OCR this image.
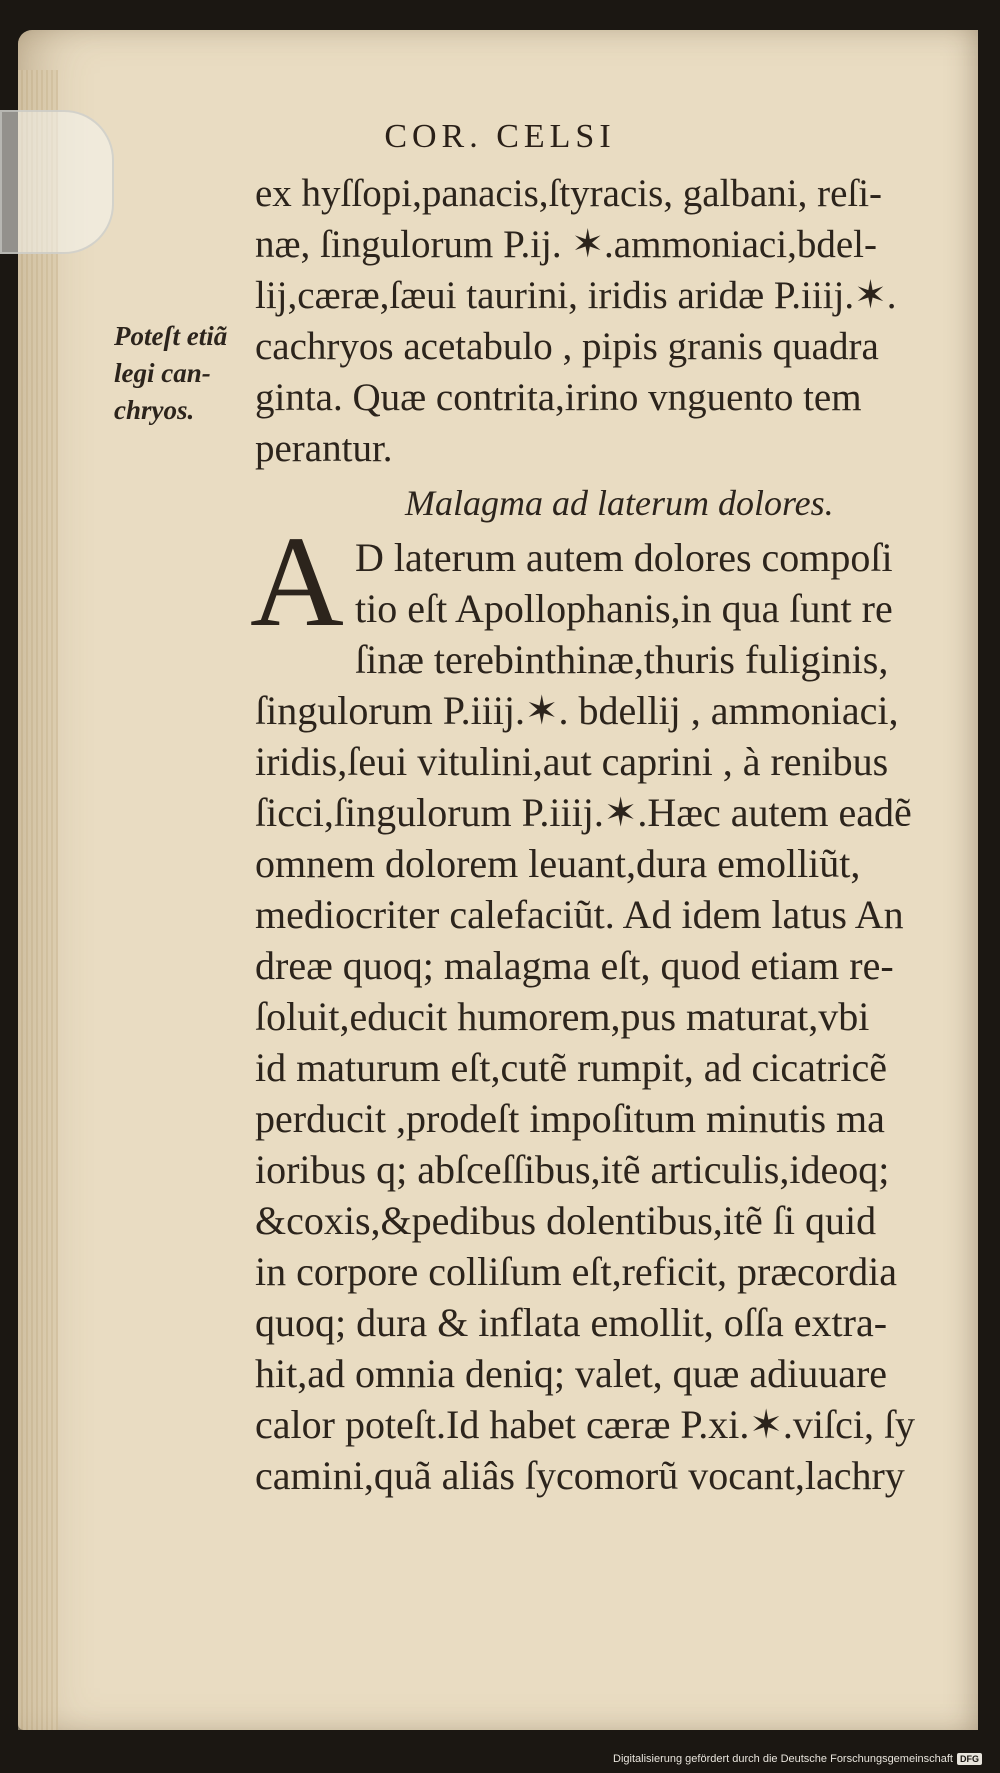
COR. CELSI
Poteſt etiã
legi can-
chryos.
ex hyſſopi,panacis,ſtyracis, galbani, reſi-
næ, ſingulorum P.ij. ✶.ammoniaci,bdel-
lij,cæræ,ſæui taurini, iridis aridæ P.iiij.✶.
cachryos acetabulo , pipis granis quadra
ginta. Quæ contrita,irino vnguento tem
perantur.
Malagma ad laterum dolores.
A D laterum autem dolores compoſi
tio eſt Apollophanis,in qua ſunt re
ſinæ terebinthinæ,thuris fuliginis,
ſingulorum P.iiij.✶. bdellij , ammoniaci,
iridis,ſeui vitulini,aut caprini , à renibus
ſicci,ſingulorum P.iiij.✶.Hæc autem eadẽ
omnem dolorem leuant,dura emolliũt,
mediocriter calefaciũt. Ad idem latus An
dreæ quoq; malagma eſt, quod etiam re-
ſoluit,educit humorem,pus maturat,vbi
id maturum eſt,cutẽ rumpit, ad cicatricẽ
perducit ,prodeſt impoſitum minutis ma
ioribus q; abſceſſibus,itẽ articulis,ideoq;
&coxis,&pedibus dolentibus,itẽ ſi quid
in corpore colliſum eſt,reficit, præcordia
quoq; dura & inflata emollit, oſſa extra-
hit,ad omnia deniq; valet, quæ adiuuare
calor poteſt.Id habet cæræ P.xi.✶.viſci, ſy
camini,quã aliâs ſycomorũ vocant,lachry
Digitalisierung gefördert durch die Deutsche Forschungsgemeinschaft DFG
